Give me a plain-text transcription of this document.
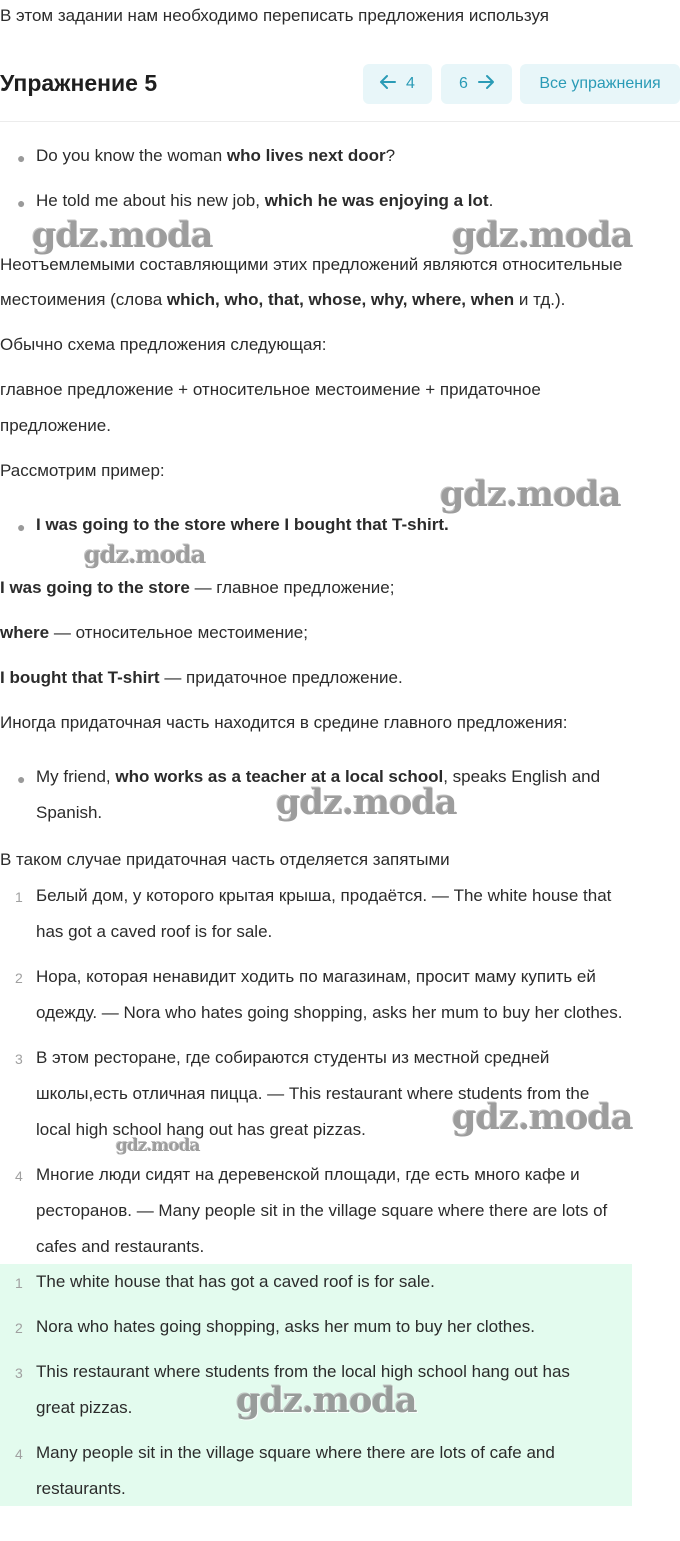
В этом задании нам необходимо переписать предложения используя
Упражнение 5	4	6	Все упражнения
● Do you know the woman who lives next door?
● He told me about his new job, which he was enjoying a lot.
Неотъемлемыми составляющими этих предложений являются относительные
местоимения (слова which, who, that, whose, why, where, when и тд.).
Обычно схема предложения следующая:
главное предложение + относительное местоимение + придаточное
предложение.
Рассмотрим пример:
● I was going to the store where I bought that T-shirt.
I was going to the store — главное предложение;
where — относительное местоимение;
I bought that T-shirt — придаточное предложение.
Иногда придаточная часть находится в средине главного предложения:
● My friend, who works as a teacher at a local school, speaks English and
Spanish.
В таком случае придаточная часть отделяется запятыми
1 Белый дом, у которого крытая крыша, продаётся. — The white house that
has got a caved roof is for sale.
2 Нора, которая ненавидит ходить по магазинам, просит маму купить ей
одежду. — Nora who hates going shopping, asks her mum to buy her clothes.
3 В этом ресторане, где собираются студенты из местной средней
школы,есть отличная пицца. — This restaurant where students from the
local high school hang out has great pizzas.
4 Многие люди сидят на деревенской площади, где есть много кафе и
ресторанов. — Many people sit in the village square where there are lots of
cafes and restaurants.
1 The white house that has got a caved roof is for sale.
2 Nora who hates going shopping, asks her mum to buy her clothes.
3 This restaurant where students from the local high school hang out has
great pizzas.
4 Many people sit in the village square where there are lots of cafe and
restaurants.
gdz.moda	gdz.moda
gdz.moda
gdz.moda
gdz.moda
gdz.moda
gdz.moda
gdz.moda
